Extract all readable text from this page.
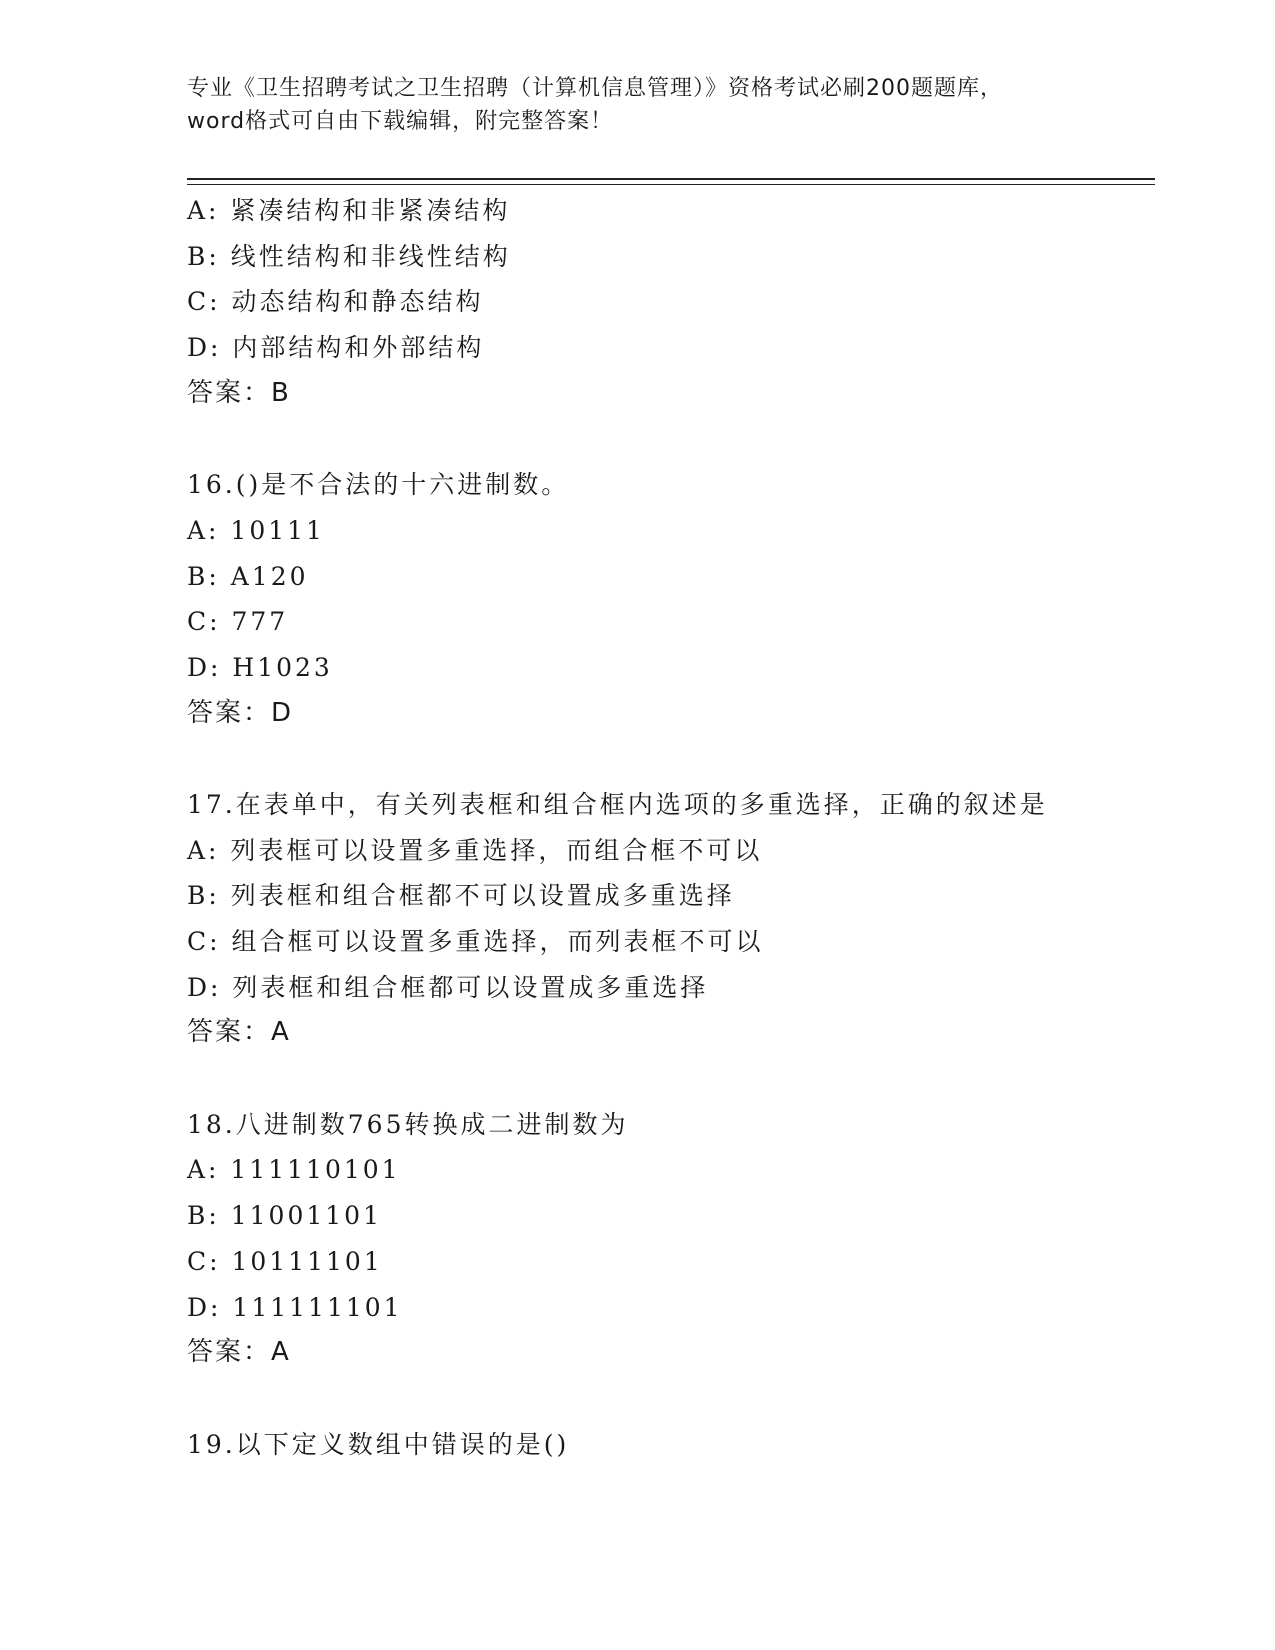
专业《卫生招聘考试之卫生招聘（计算机信息管理）》资格考试必刷200题题库，
word格式可自由下载编辑，附完整答案！
A: 紧凑结构和非紧凑结构
B: 线性结构和非线性结构
C: 动态结构和静态结构
D: 内部结构和外部结构
答案：B
16.()是不合法的十六进制数。
A: 10111
B: A120
C: 777
D: H1023
答案：D
17.在表单中，有关列表框和组合框内选项的多重选择，正确的叙述是
A: 列表框可以设置多重选择，而组合框不可以
B: 列表框和组合框都不可以设置成多重选择
C: 组合框可以设置多重选择，而列表框不可以
D: 列表框和组合框都可以设置成多重选择
答案：A
18.八进制数765转换成二进制数为
A: 111110101
B: 11001101
C: 10111101
D: 111111101
答案：A
19.以下定义数组中错误的是()
